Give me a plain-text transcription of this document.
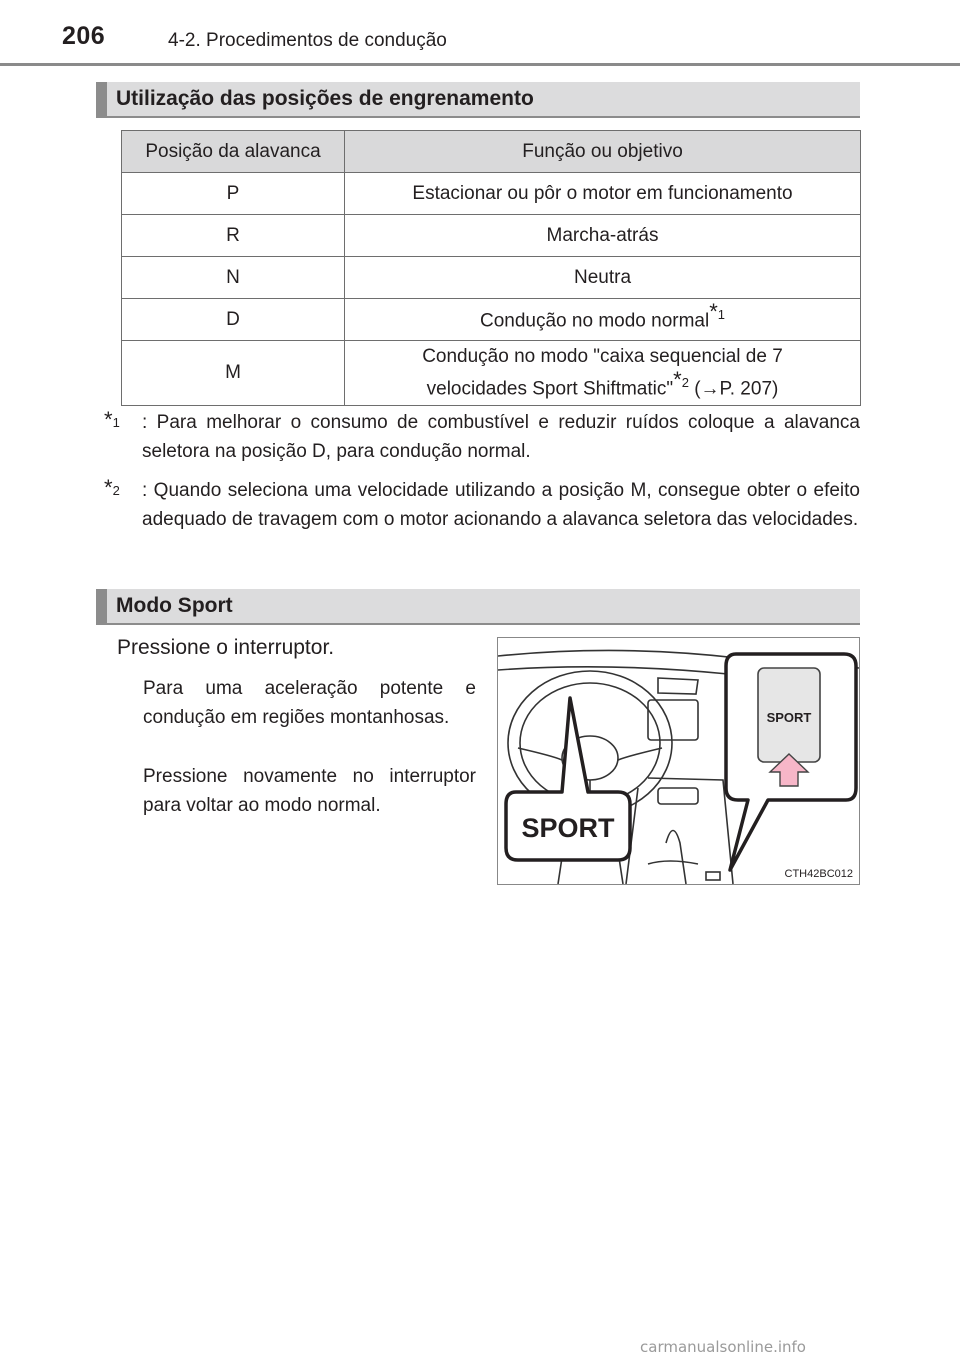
206	4-2. Procedimentos de condução
Utilização das posições de engrenamento
Posição da alavanca	Função ou objetivo
P	Estacionar ou pôr o motor em funcionamento
R	Marcha-atrás
N	Neutra
D	Condução no modo normal*$^1$
M	Condução no modo "caixa sequencial de 7
velocidades Sport Shiftmatic"*$^2$ (→P. 207)
*$^1$ : Para melhorar o consumo de combustível e reduzir ruídos coloque a alavanca seletora na posição D, para condução normal.
*$^2$ : Quando seleciona uma velocidade utilizando a posição M, consegue obter o efeito adequado de travagem com o motor acionando a alavanca seletora das velocidades.
Modo Sport
Pressione o interruptor.
Para uma aceleração potente e condução em regiões montanhosas.
Pressione novamente no interruptor para voltar ao modo normal.
SPORT
SPORT
CTH42BC012
carmanualsonline.info
